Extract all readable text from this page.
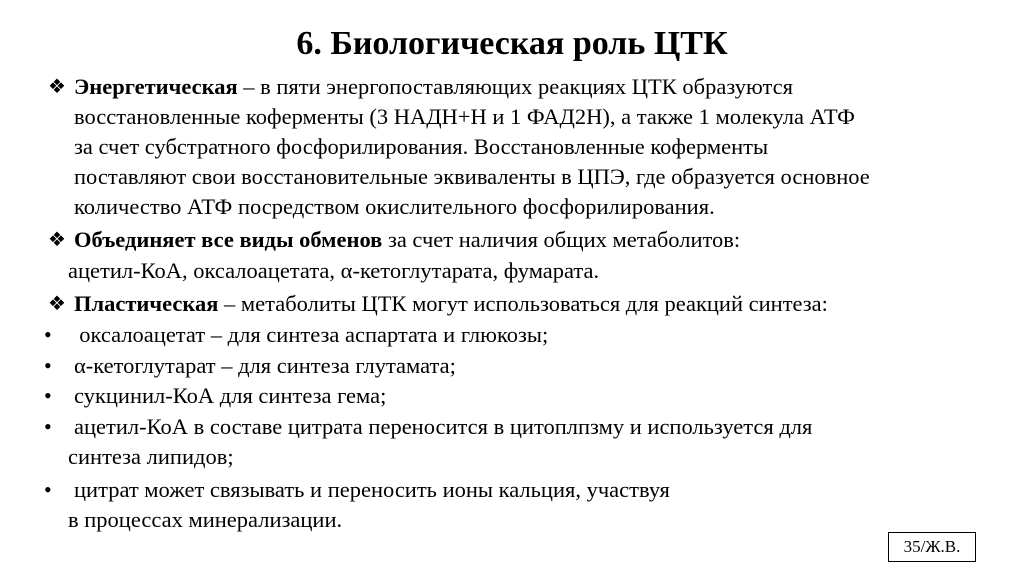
6. Биологическая роль ЦТК
❖ Энергетическая – в пяти энергопоставляющих реакциях ЦТК образуются
восстановленные коферменты (3 НАДН+Н и 1 ФАД2Н), а также 1 молекула АТФ
за счет субстратного фосфорилирования. Восстановленные коферменты
поставляют свои восстановительные эквиваленты в ЦПЭ, где образуется основное
количество АТФ посредством окислительного фосфорилирования.
❖ Объединяет все виды обменов за счет наличия общих метаболитов:
ацетил-КоА, оксалоацетата, α-кетоглутарата, фумарата.
❖ Пластическая – метаболиты ЦТК могут использоваться для реакций синтеза:
• оксалоацетат – для синтеза аспартата и глюкозы;
• α-кетоглутарат – для синтеза глутамата;
• сукцинил-КоА для синтеза гема;
• ацетил-КоА в составе цитрата переносится в цитоплпзму и используется для
синтеза липидов;
• цитрат может связывать и переносить ионы кальция, участвуя
в процессах минерализации.
35/Ж.В.
